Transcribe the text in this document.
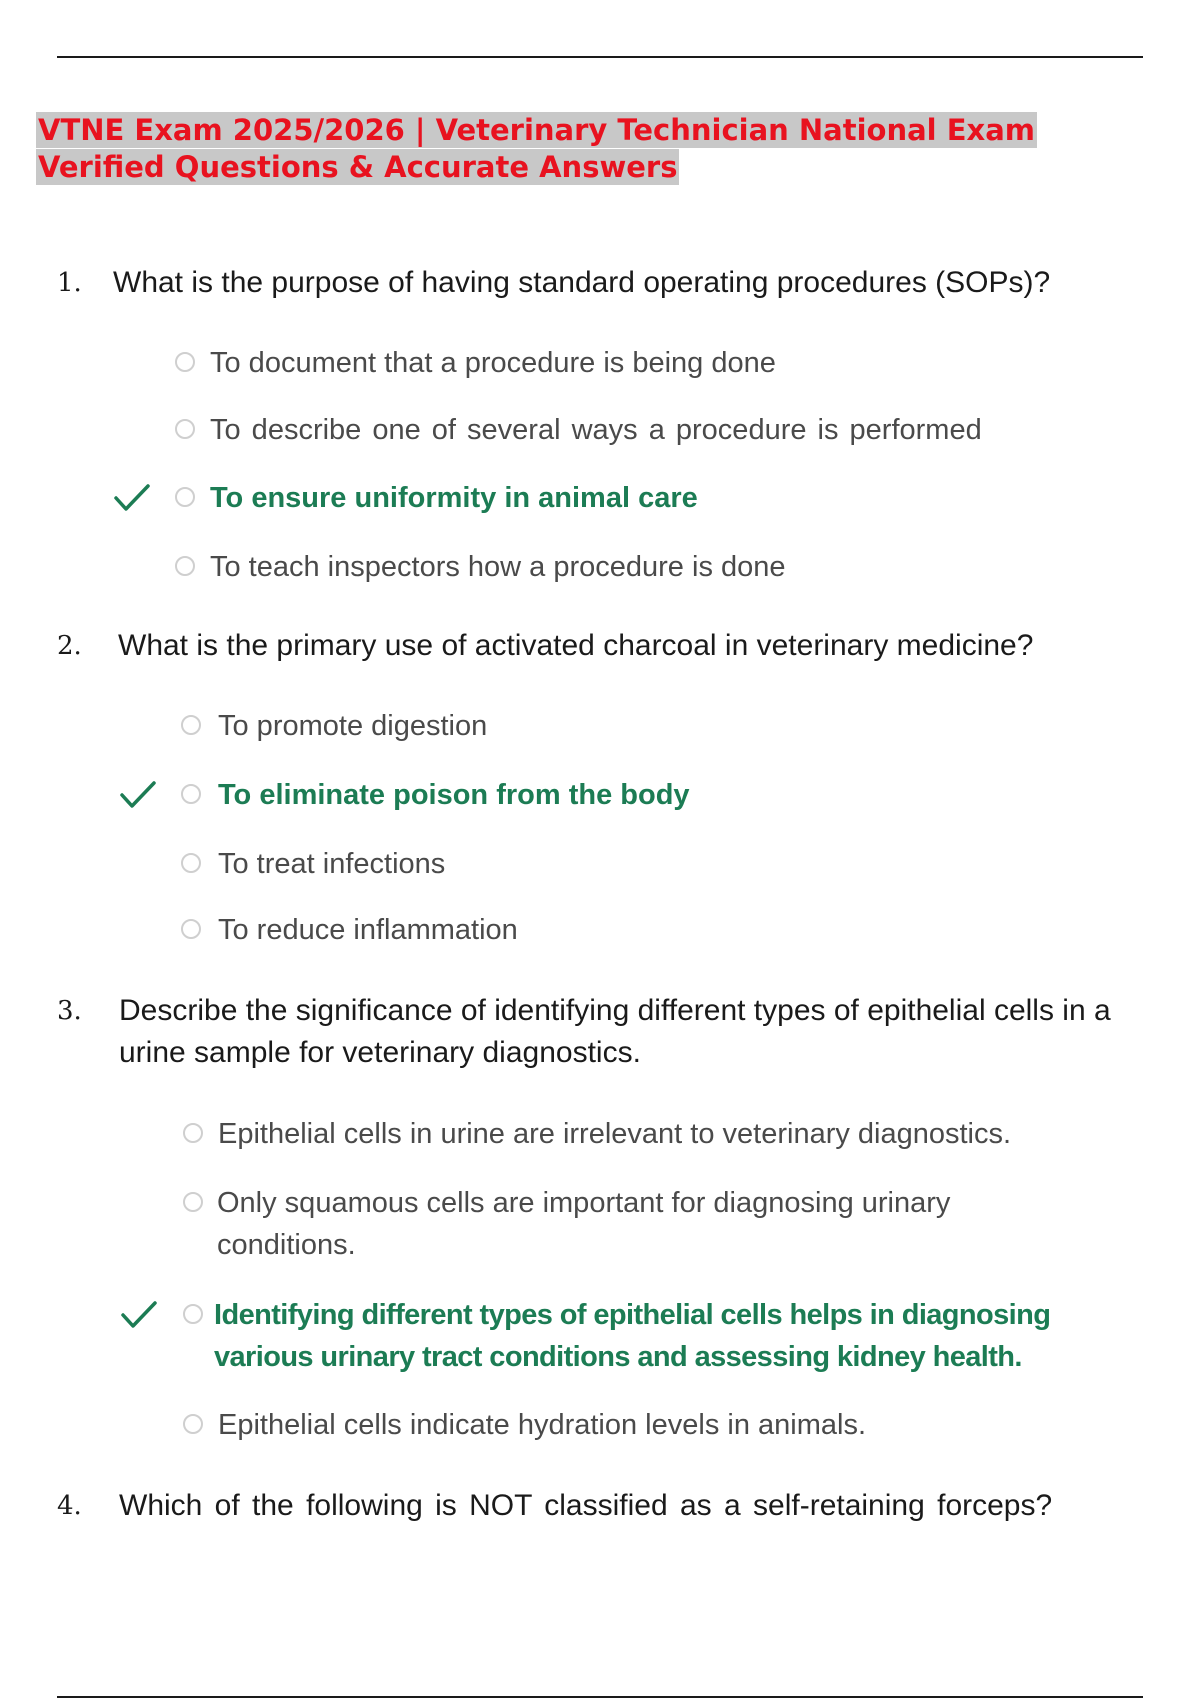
VTNE Exam 2025/2026 | Veterinary Technician National Exam Verified Questions & Accurate Answers
1. What is the purpose of having standard operating procedures (SOPs)?

To document that a procedure is being done

To describe one of several ways a procedure is performed

To ensure uniformity in animal care

To teach inspectors how a procedure is done

2. What is the primary use of activated charcoal in veterinary medicine?

To promote digestion

To eliminate poison from the body

To treat infections

To reduce inflammation

3. Describe the significance of identifying different types of epithelial cells in a urine sample for veterinary diagnostics.

Epithelial cells in urine are irrelevant to veterinary diagnostics.

Only squamous cells are important for diagnosing urinary conditions.

Identifying different types of epithelial cells helps in diagnosing various urinary tract conditions and assessing kidney health.

Epithelial cells indicate hydration levels in animals.

4. Which of the following is NOT classified as a self-retaining forceps?
